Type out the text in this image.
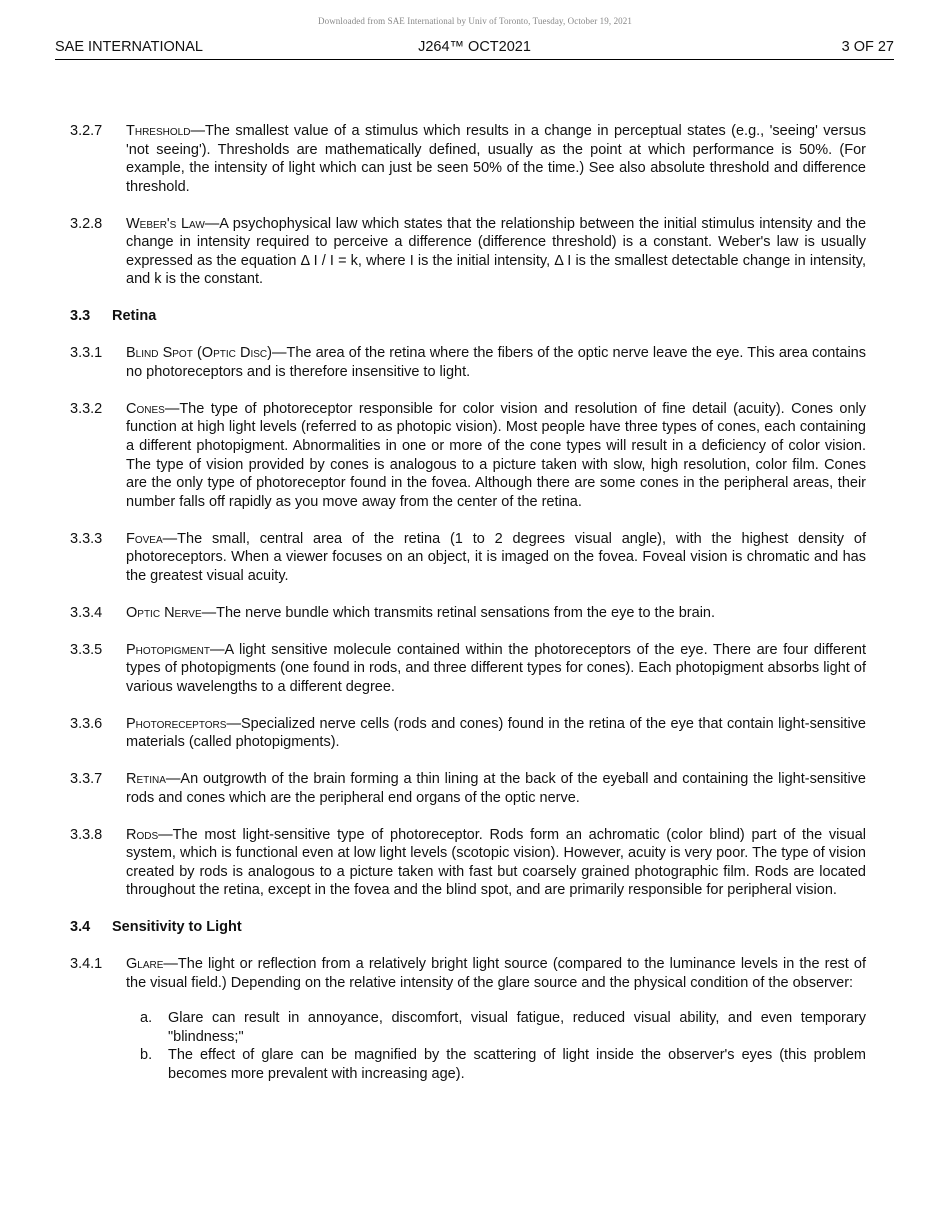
Downloaded from SAE International by Univ of Toronto, Tuesday, October 19, 2021
SAE INTERNATIONAL	J264™ OCT2021	3 OF 27
3.2.7	Threshold—The smallest value of a stimulus which results in a change in perceptual states (e.g., 'seeing' versus 'not seeing'). Thresholds are mathematically defined, usually as the point at which performance is 50%. (For example, the intensity of light which can just be seen 50% of the time.) See also absolute threshold and difference threshold.
3.2.8	Weber's Law—A psychophysical law which states that the relationship between the initial stimulus intensity and the change in intensity required to perceive a difference (difference threshold) is a constant. Weber's law is usually expressed as the equation Δ I / I = k, where I is the initial intensity, Δ I is the smallest detectable change in intensity, and k is the constant.
3.3	Retina
3.3.1	Blind Spot (Optic Disc)—The area of the retina where the fibers of the optic nerve leave the eye. This area contains no photoreceptors and is therefore insensitive to light.
3.3.2	Cones—The type of photoreceptor responsible for color vision and resolution of fine detail (acuity). Cones only function at high light levels (referred to as photopic vision). Most people have three types of cones, each containing a different photopigment. Abnormalities in one or more of the cone types will result in a deficiency of color vision. The type of vision provided by cones is analogous to a picture taken with slow, high resolution, color film. Cones are the only type of photoreceptor found in the fovea. Although there are some cones in the peripheral areas, their number falls off rapidly as you move away from the center of the retina.
3.3.3	Fovea—The small, central area of the retina (1 to 2 degrees visual angle), with the highest density of photoreceptors. When a viewer focuses on an object, it is imaged on the fovea. Foveal vision is chromatic and has the greatest visual acuity.
3.3.4	Optic Nerve—The nerve bundle which transmits retinal sensations from the eye to the brain.
3.3.5	Photopigment—A light sensitive molecule contained within the photoreceptors of the eye. There are four different types of photopigments (one found in rods, and three different types for cones). Each photopigment absorbs light of various wavelengths to a different degree.
3.3.6	Photoreceptors—Specialized nerve cells (rods and cones) found in the retina of the eye that contain light-sensitive materials (called photopigments).
3.3.7	Retina—An outgrowth of the brain forming a thin lining at the back of the eyeball and containing the light-sensitive rods and cones which are the peripheral end organs of the optic nerve.
3.3.8	Rods—The most light-sensitive type of photoreceptor. Rods form an achromatic (color blind) part of the visual system, which is functional even at low light levels (scotopic vision). However, acuity is very poor. The type of vision created by rods is analogous to a picture taken with fast but coarsely grained photographic film. Rods are located throughout the retina, except in the fovea and the blind spot, and are primarily responsible for peripheral vision.
3.4	Sensitivity to Light
3.4.1	Glare—The light or reflection from a relatively bright light source (compared to the luminance levels in the rest of the visual field.) Depending on the relative intensity of the glare source and the physical condition of the observer:
a.	Glare can result in annoyance, discomfort, visual fatigue, reduced visual ability, and even temporary "blindness;"
b.	The effect of glare can be magnified by the scattering of light inside the observer's eyes (this problem becomes more prevalent with increasing age).
